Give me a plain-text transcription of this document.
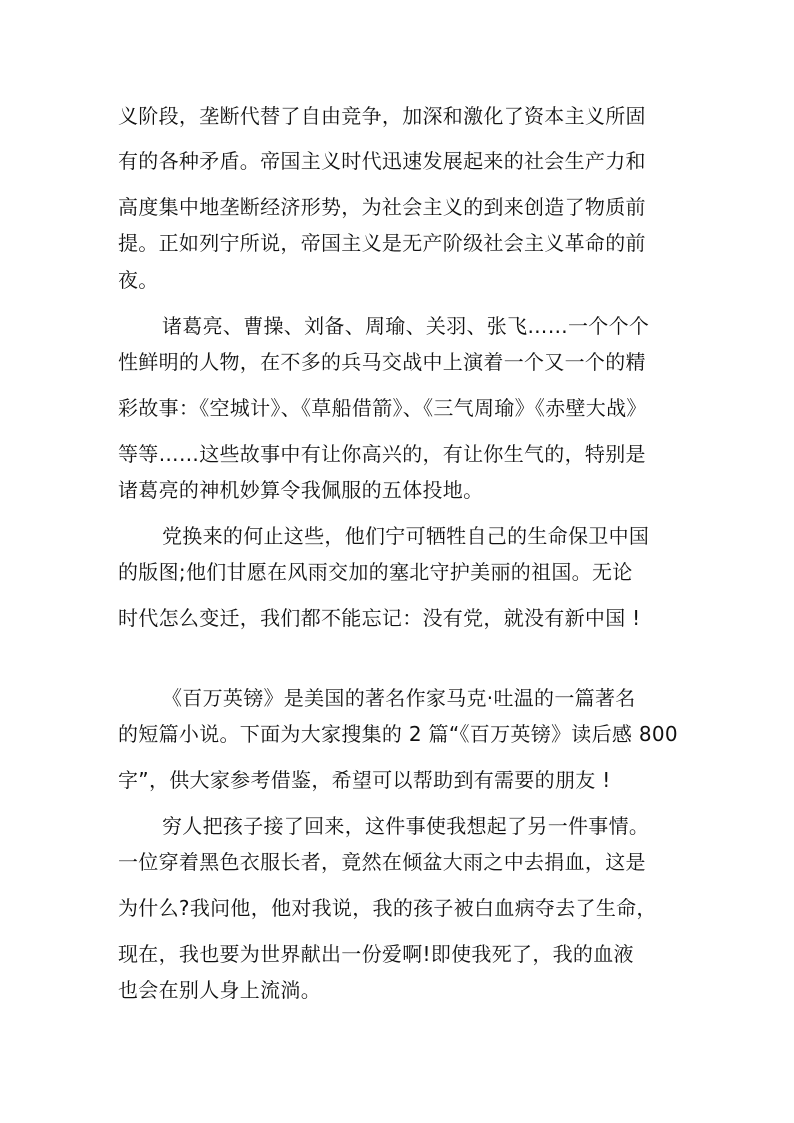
义阶段，垄断代替了自由竞争，加深和激化了资本主义所固
有的各种矛盾。帝国主义时代迅速发展起来的社会生产力和
高度集中地垄断经济形势，为社会主义的到来创造了物质前
提。正如列宁所说，帝国主义是无产阶级社会主义革命的前
夜。
诸葛亮、曹操、刘备、周瑜、关羽、张飞……一个个个
性鲜明的人物，在不多的兵马交战中上演着一个又一个的精
彩故事：《空城计》、《草船借箭》、《三气周瑜》《赤壁大战》
等等……这些故事中有让你高兴的，有让你生气的，特别是
诸葛亮的神机妙算令我佩服的五体投地。
党换来的何止这些，他们宁可牺牲自己的生命保卫中国
的版图;他们甘愿在风雨交加的塞北守护美丽的祖国。无论
时代怎么变迁，我们都不能忘记：没有党，就没有新中国 !
《百万英镑》是美国的著名作家马克·吐温的一篇著名
的短篇小说。下面为大家搜集的 2 篇“《百万英镑》读后感 800
字”，供大家参考借鉴，希望可以帮助到有需要的朋友 !
穷人把孩子接了回来，这件事使我想起了另一件事情。
一位穿着黑色衣服长者，竟然在倾盆大雨之中去捐血，这是
为什么?我问他，他对我说，我的孩子被白血病夺去了生命，
现在，我也要为世界献出一份爱啊!即使我死了，我的血液
也会在别人身上流淌。
